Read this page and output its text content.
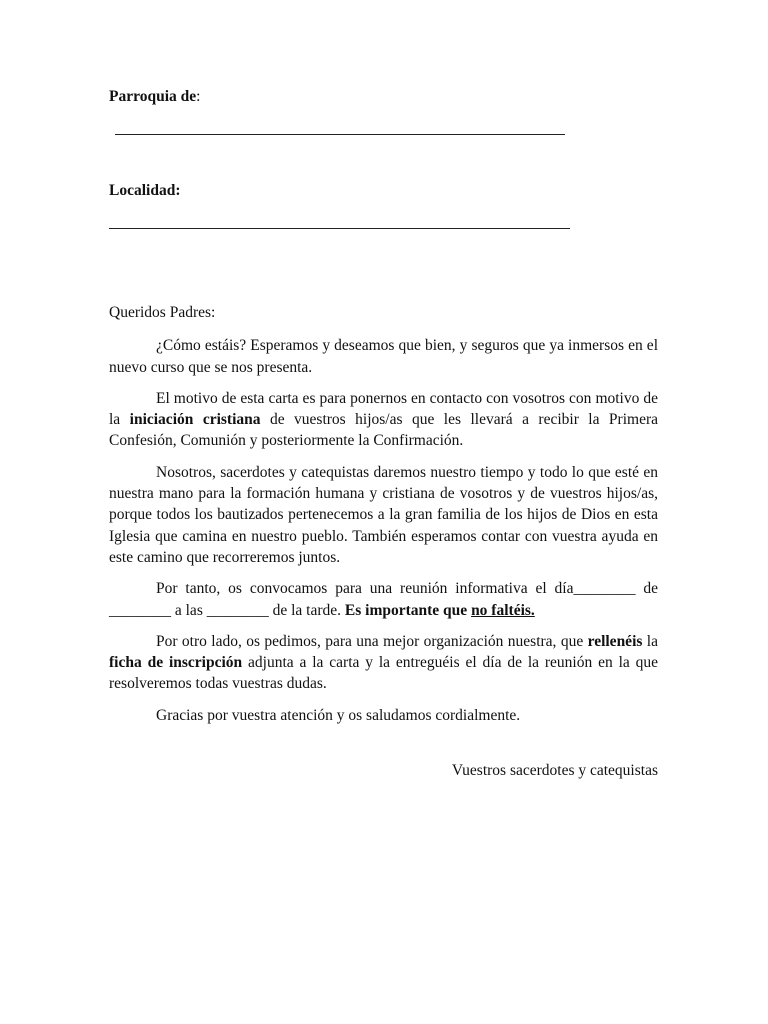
Parroquia de:
Localidad:

Queridos Padres:

¿Cómo estáis? Esperamos y deseamos que bien, y seguros que ya inmersos en el nuevo curso que se nos presenta.

El motivo de esta carta es para ponernos en contacto con vosotros con motivo de la iniciación cristiana de vuestros hijos/as que les llevará a recibir la Primera Confesión, Comunión y posteriormente la Confirmación.

Nosotros, sacerdotes y catequistas daremos nuestro tiempo y todo lo que esté en nuestra mano para la formación humana y cristiana de vosotros y de vuestros hijos/as, porque todos los bautizados pertenecemos a la gran familia de los hijos de Dios en esta Iglesia que camina en nuestro pueblo. También esperamos contar con vuestra ayuda en este camino que recorreremos juntos.

Por tanto, os convocamos para una reunión informativa el día________ de ________ a las ________ de la tarde. Es importante que no faltéis.

Por otro lado, os pedimos, para una mejor organización nuestra, que rellenéis la ficha de inscripción adjunta a la carta y la entreguéis el día de la reunión en la que resolveremos todas vuestras dudas.

Gracias por vuestra atención y os saludamos cordialmente.

Vuestros sacerdotes y catequistas
